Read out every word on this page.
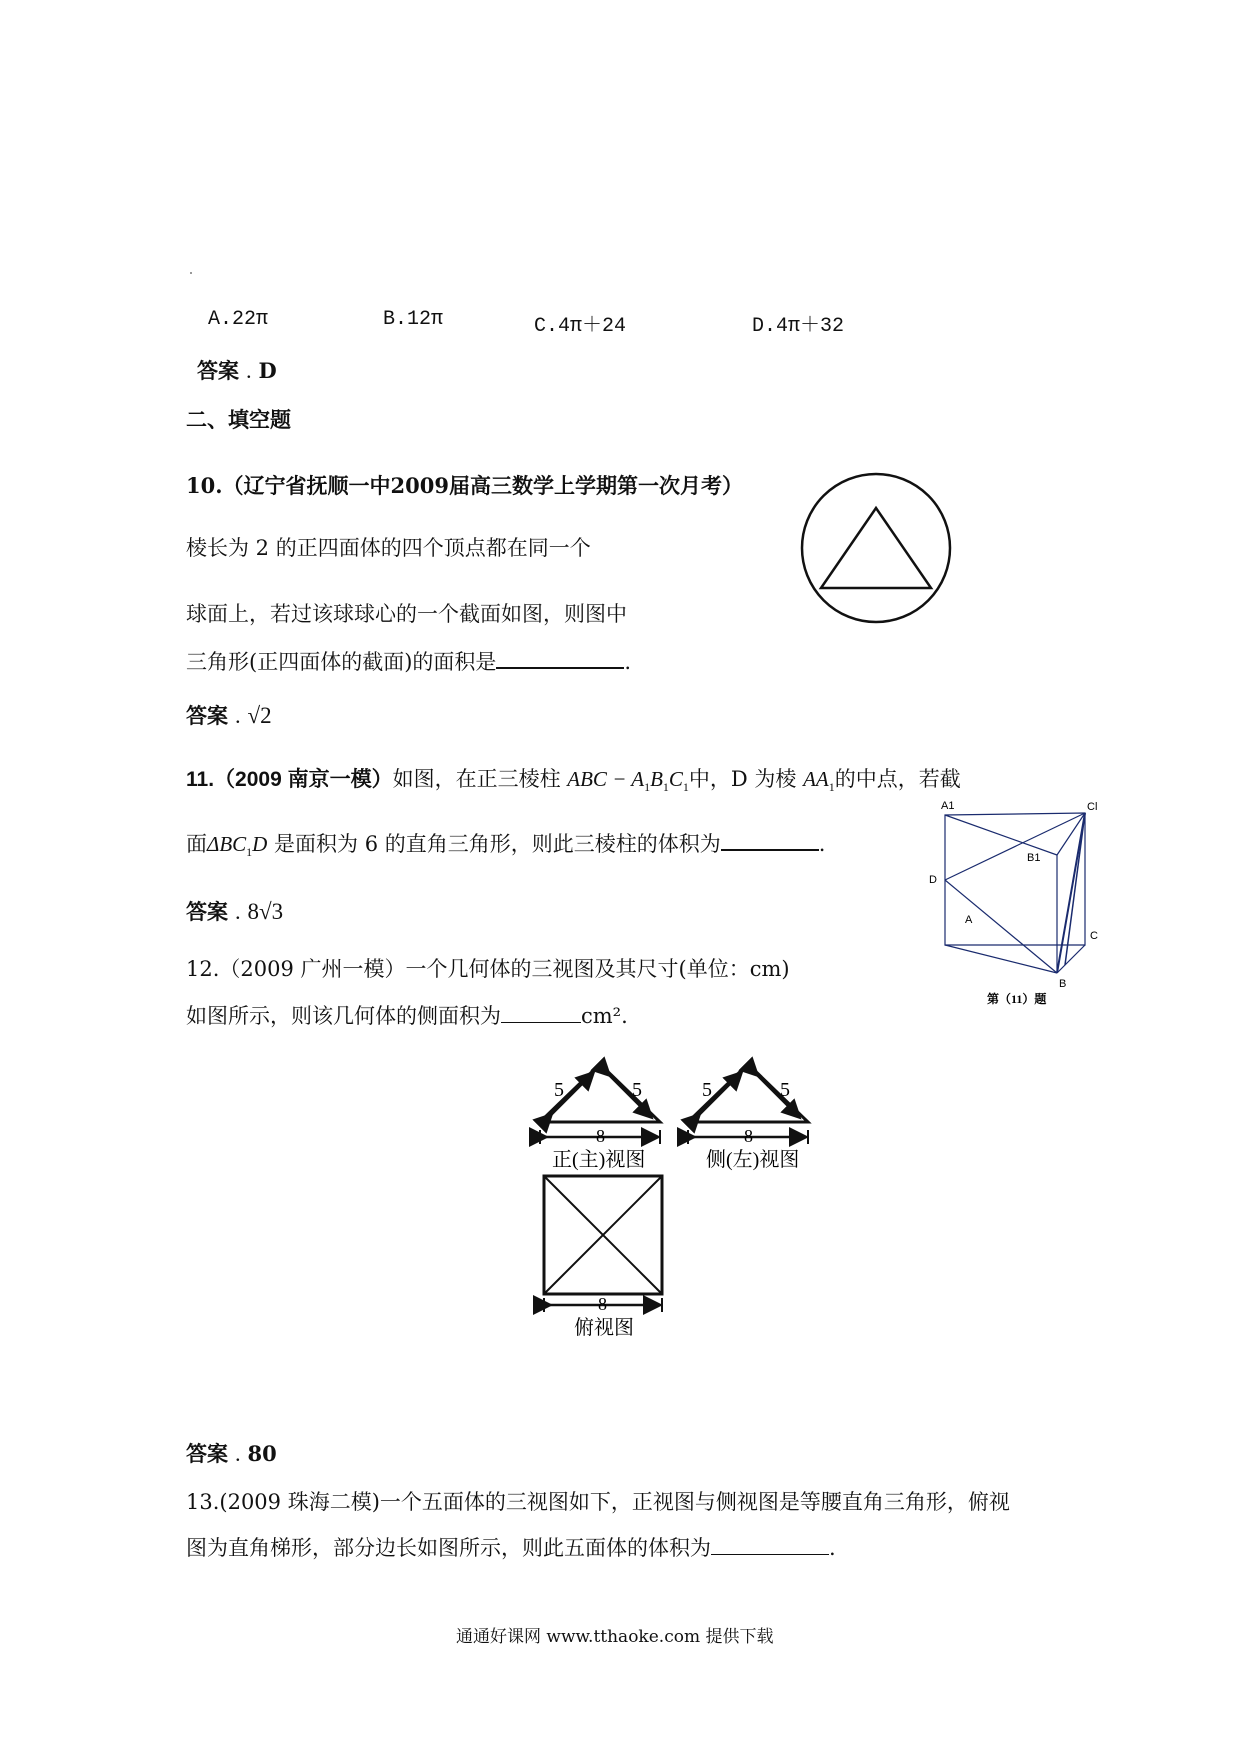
A.22π	B.12π	C.4π＋24	D.4π＋32
答案 . D
二、填空题
10.（辽宁省抚顺一中2009届高三数学上学期第一次月考）
棱长为 2 的正四面体的四个顶点都在同一个
球面上，若过该球球心的一个截面如图，则图中
三角形(正四面体的截面)的面积是	.
答案 . √2
11.（2009 南京一模）如图，在正三棱柱 ABC − $A_1B_1C_1$中，D 为棱 $AA_1$的中点，若截
面$\Delta BC_1D$ 是面积为 6 的直角三角形，则此三棱柱的体积为	.
A1	Cl
B1
D
A
C
B
第（11）题
答案 . 8√3
12.（2009 广州一模）一个几何体的三视图及其尺寸(单位：cm)
如图所示，则该几何体的侧面积为	cm².
5	5
8
正(主)视图
5	5
8
侧(左)视图
8
俯视图
答案 . 80
13.(2009 珠海二模)一个五面体的三视图如下，正视图与侧视图是等腰直角三角形，俯视
图为直角梯形，部分边长如图所示，则此五面体的体积为	.
通通好课网 www.tthaoke.com 提供下载
